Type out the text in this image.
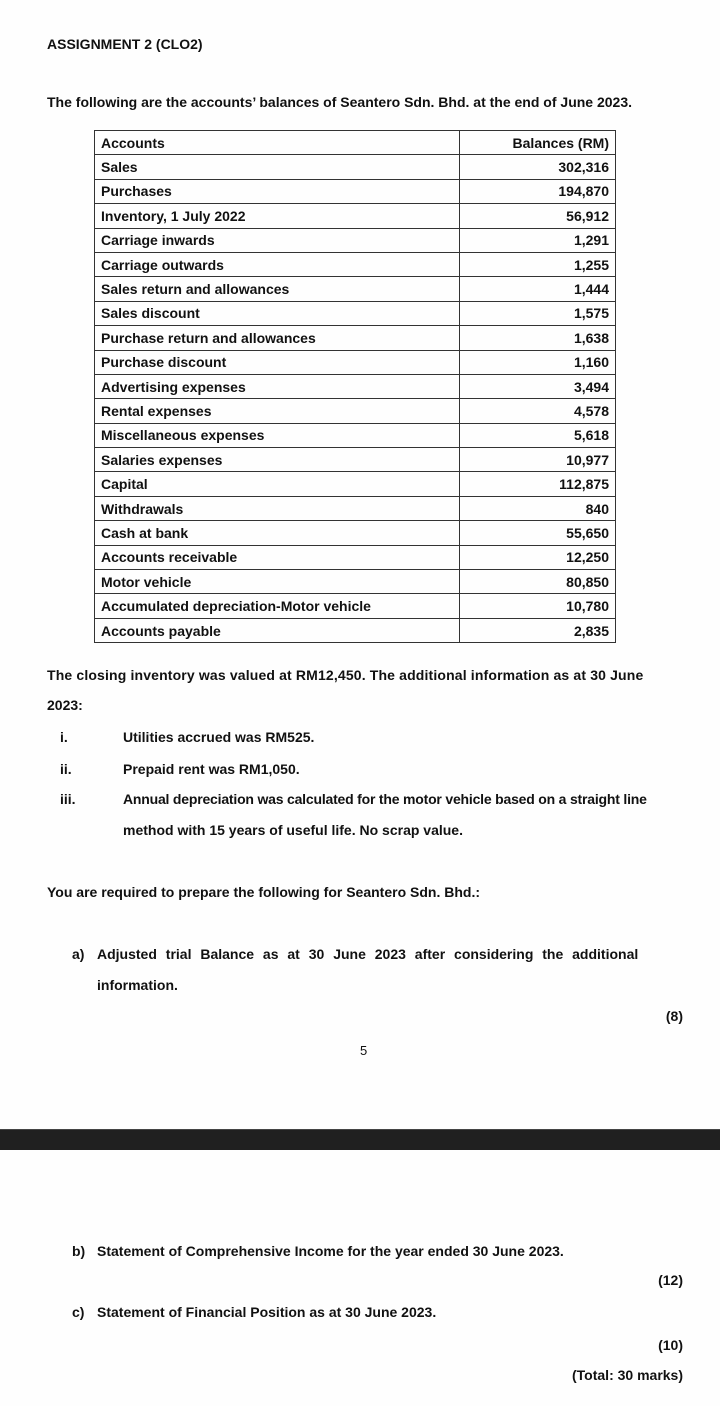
ASSIGNMENT 2 (CLO2)
The following are the accounts’ balances of Seantero Sdn. Bhd. at the end of June 2023.
Accounts	Balances (RM)
Sales	302,316
Purchases	194,870
Inventory, 1 July 2022	56,912
Carriage inwards	1,291
Carriage outwards	1,255
Sales return and allowances	1,444
Sales discount	1,575
Purchase return and allowances	1,638
Purchase discount	1,160
Advertising expenses	3,494
Rental expenses	4,578
Miscellaneous expenses	5,618
Salaries expenses	10,977
Capital	112,875
Withdrawals	840
Cash at bank	55,650
Accounts receivable	12,250
Motor vehicle	80,850
Accumulated depreciation-Motor vehicle	10,780
Accounts payable	2,835
The closing inventory was valued at RM12,450. The additional information as at 30 June
2023:
i.	Utilities accrued was RM525.
ii.	Prepaid rent was RM1,050.
iii.	Annual depreciation was calculated for the motor vehicle based on a straight line
method with 15 years of useful life. No scrap value.
You are required to prepare the following for Seantero Sdn. Bhd.:
a) Adjusted trial Balance as at 30 June 2023 after considering the additional
information.
(8)
5
b) Statement of Comprehensive Income for the year ended 30 June 2023.
(12)
c) Statement of Financial Position as at 30 June 2023.
(10)
(Total: 30 marks)
